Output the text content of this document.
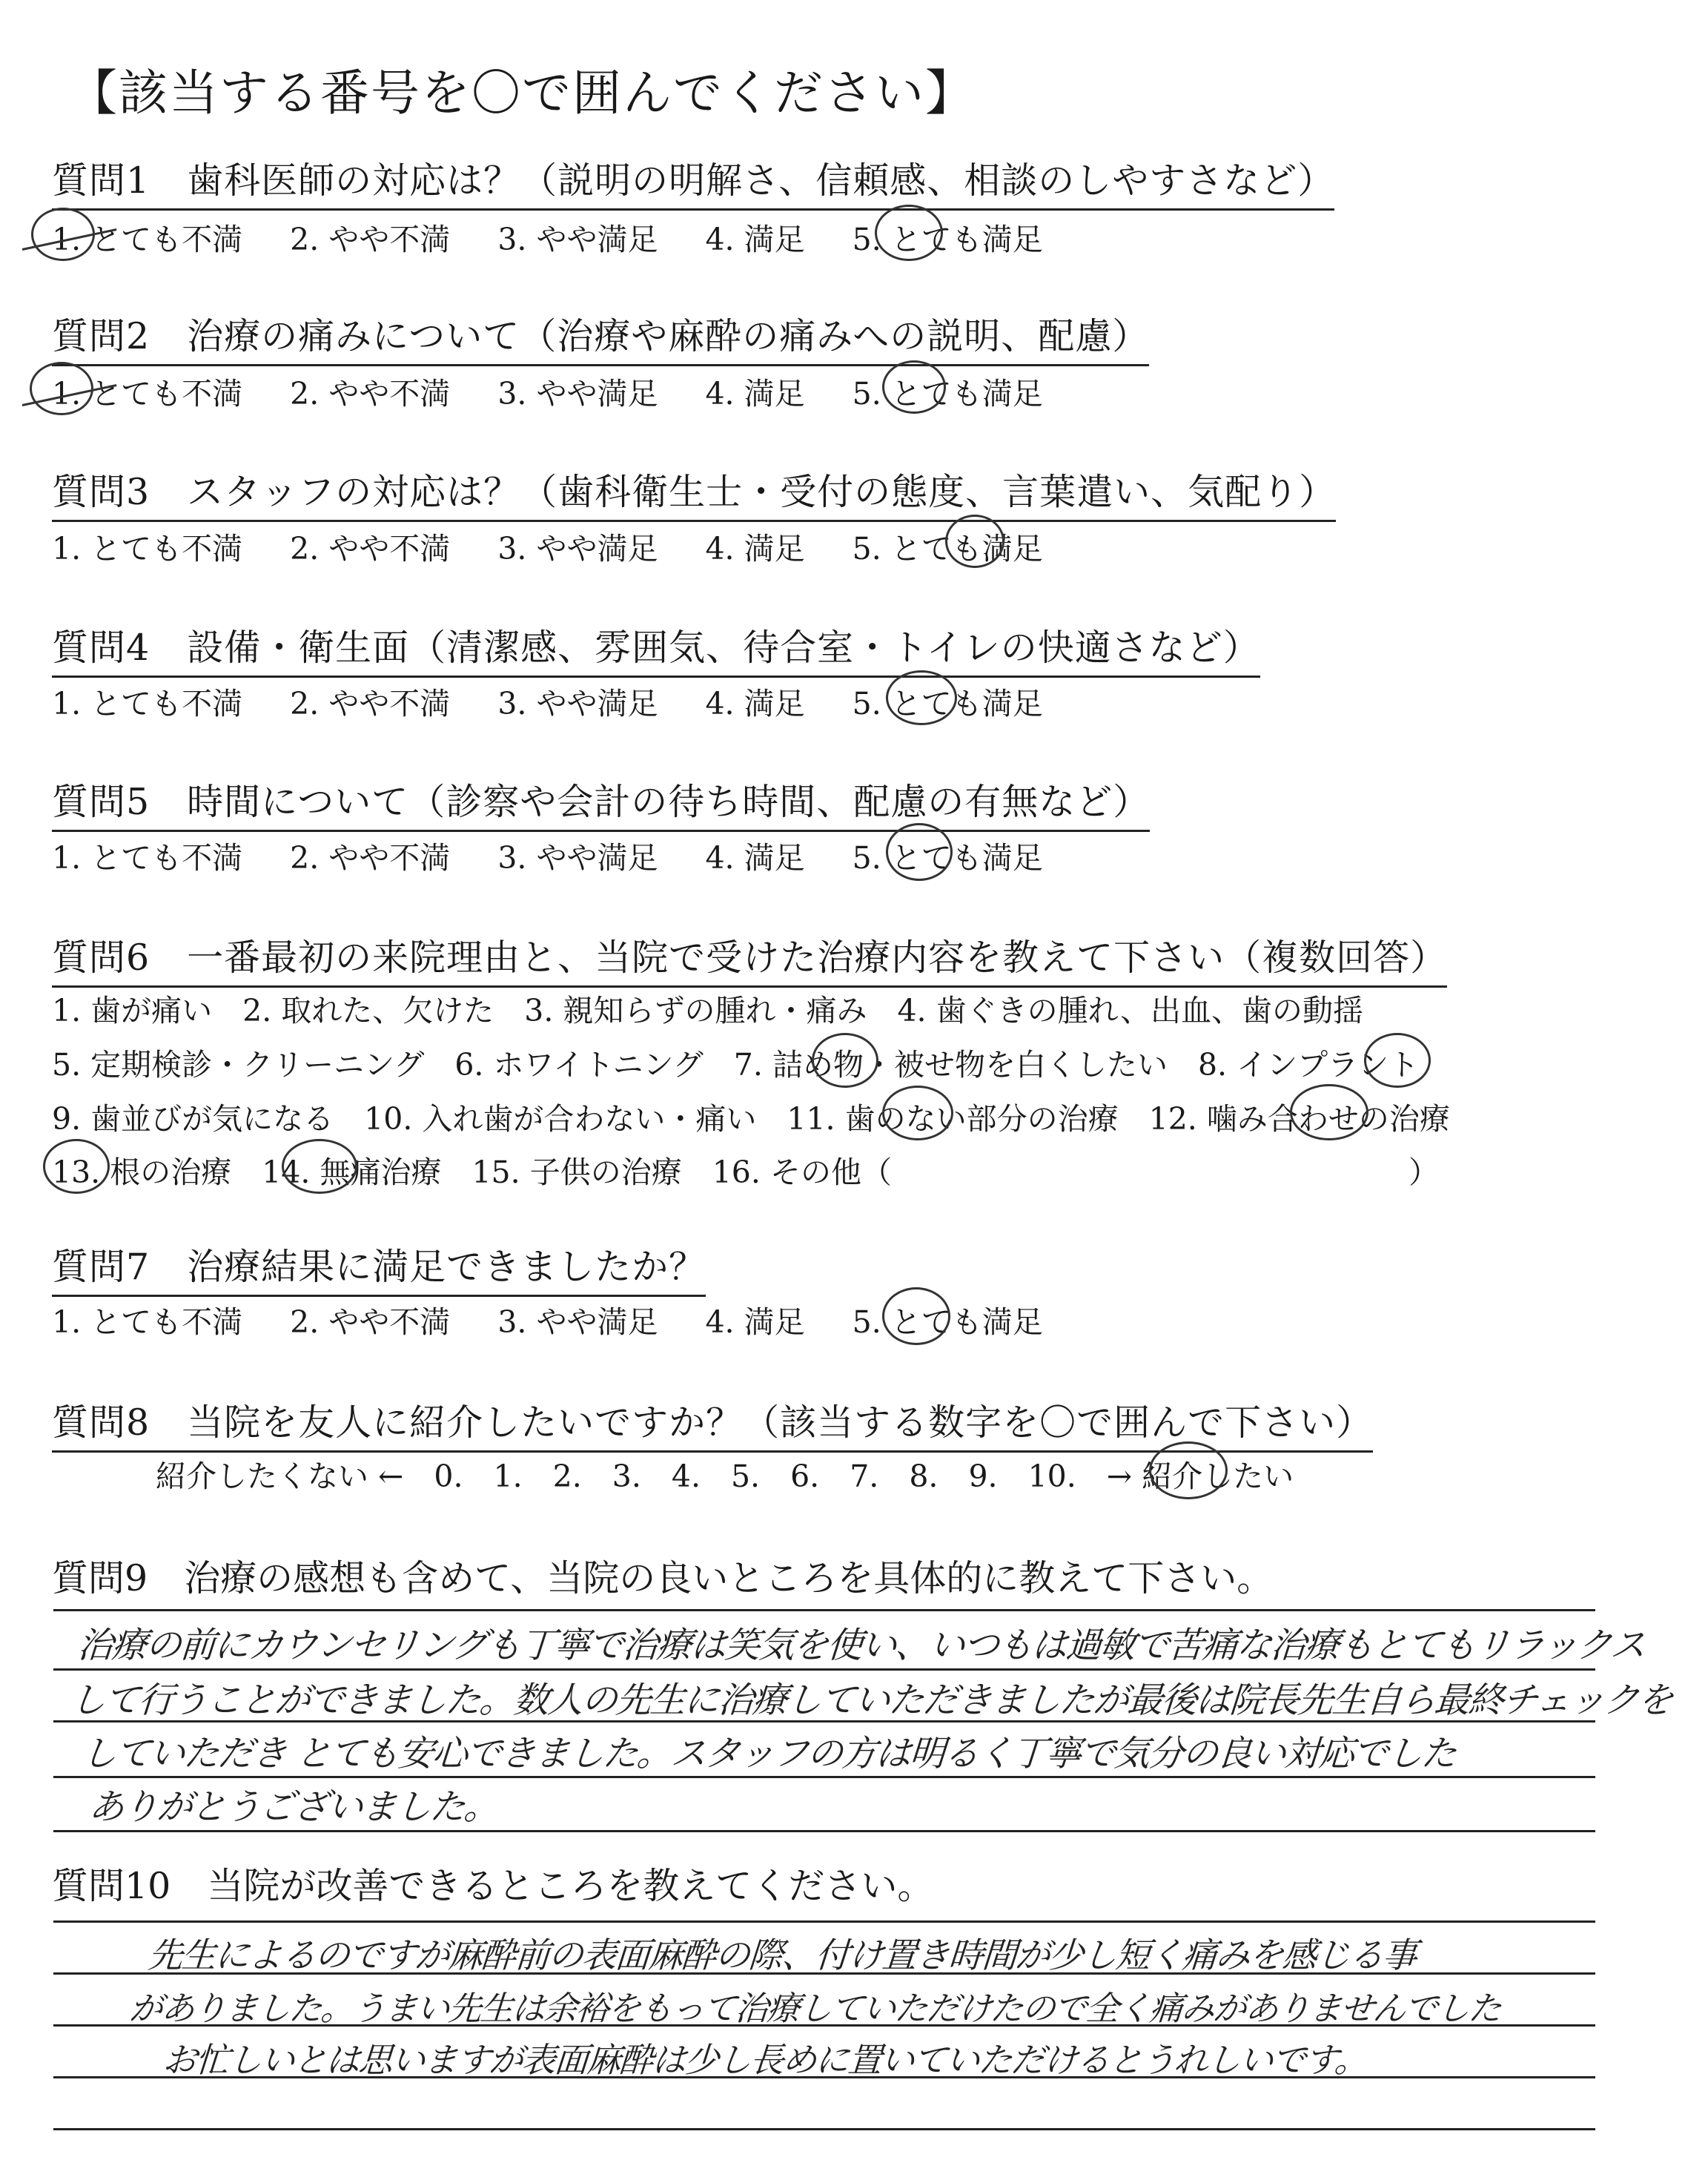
【該当する番号を〇で囲んでください】
質問1　歯科医師の対応は？（説明の明解さ、信頼感、相談のしやすさなど）
1. とても不満 2. やや不満 3. やや満足 4. 満足 5. とても満足
質問2　治療の痛みについて（治療や麻酔の痛みへの説明、配慮）
1. とても不満 2. やや不満 3. やや満足 4. 満足 5. とても満足
質問3　スタッフの対応は？（歯科衛生士・受付の態度、言葉遣い、気配り）
1. とても不満 2. やや不満 3. やや満足 4. 満足 5. とても満足
質問4　設備・衛生面（清潔感、雰囲気、待合室・トイレの快適さなど）
1. とても不満 2. やや不満 3. やや満足 4. 満足 5. とても満足
質問5　時間について（診察や会計の待ち時間、配慮の有無など）
1. とても不満 2. やや不満 3. やや満足 4. 満足 5. とても満足
質問6　一番最初の来院理由と、当院で受けた治療内容を教えて下さい（複数回答）
1. 歯が痛い　2. 取れた、欠けた　3. 親知らずの腫れ・痛み　4. 歯ぐきの腫れ、出血、歯の動揺
5. 定期検診・クリーニング　6. ホワイトニング　7. 詰め物・被せ物を白くしたい　8. インプラント
9. 歯並びが気になる　10. 入れ歯が合わない・痛い　11. 歯のない部分の治療　12. 噛み合わせの治療
13. 根の治療　14. 無痛治療　15. 子供の治療　16. その他（　　　　　　　　　　　　　　　　　）
質問7　治療結果に満足できましたか？
1. とても不満 2. やや不満 3. やや満足 4. 満足 5. とても満足
質問8　当院を友人に紹介したいですか？（該当する数字を〇で囲んで下さい）
紹介したくない ←　0.　1.　2.　3.　4.　5.　6.　7.　8.　9.　10.　→ 紹介したい
質問9　治療の感想も含めて、当院の良いところを具体的に教えて下さい。
治療の前にカウンセリングも丁寧で治療は笑気を使い、いつもは過敏で苦痛な治療もとてもリラックス
して行うことができました。数人の先生に治療していただきましたが最後は院長先生自ら最終チェックを
していただき とても安心できました。スタッフの方は明るく丁寧で気分の良い対応でした
ありがとうございました。
質問10　当院が改善できるところを教えてください。
先生によるのですが麻酔前の表面麻酔の際、付け置き時間が少し短く痛みを感じる事
がありました。うまい先生は余裕をもって治療していただけたので全く痛みがありませんでした
お忙しいとは思いますが表面麻酔は少し長めに置いていただけるとうれしいです。
